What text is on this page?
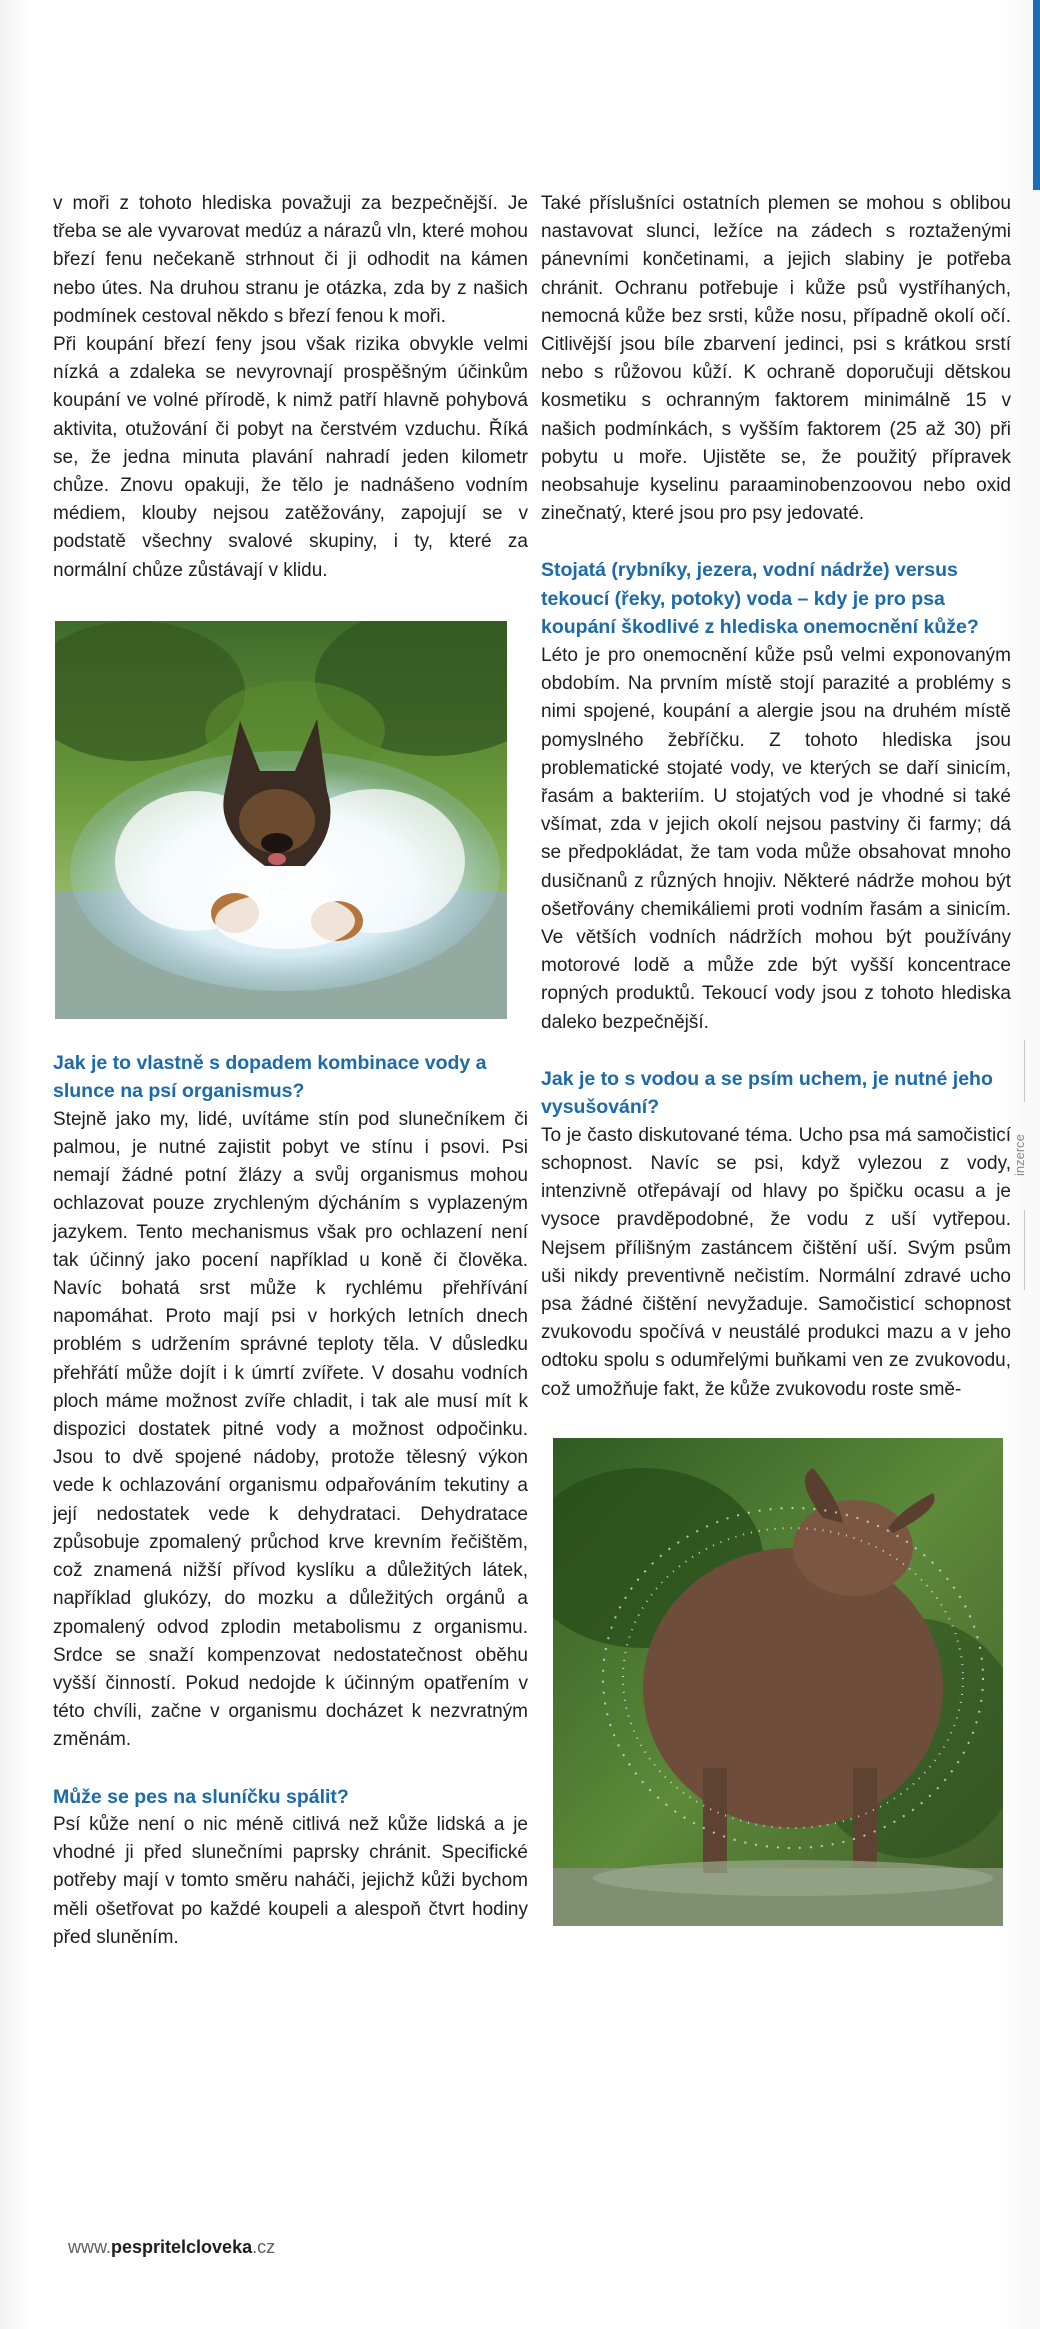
v moři z tohoto hlediska považuji za bezpečnější. Je třeba se ale vyvarovat medúz a nárazů vln, které mohou březí fenu nečekaně strhnout či ji odhodit na kámen nebo útes. Na druhou stranu je otázka, zda by z našich podmínek cestoval někdo s březí fenou k moři.

Při koupání březí feny jsou však rizika obvykle velmi nízká a zdaleka se nevyrovnají prospěšným účinkům koupání ve volné přírodě, k nimž patří hlavně pohybová aktivita, otužování či pobyt na čerstvém vzduchu. Říká se, že jedna minuta plavání nahradí jeden kilometr chůze. Znovu opakuji, že tělo je nadnášeno vodním médiem, klouby nejsou zatěžovány, zapojují se v podstatě všechny svalové skupiny, i ty, které za normální chůze zůstávají v klidu.

Jak je to vlastně s dopadem kombinace vody a slunce na psí organismus?

Stejně jako my, lidé, uvítáme stín pod slunečníkem či palmou, je nutné zajistit pobyt ve stínu i psovi. Psi nemají žádné potní žlázy a svůj organismus mohou ochlazovat pouze zrychleným dýcháním s vyplazeným jazykem. Tento mechanismus však pro ochlazení není tak účinný jako pocení například u koně či člověka. Navíc bohatá srst může k rychlému přehřívání napomáhat. Proto mají psi v horkých letních dnech problém s udržením správné teploty těla. V důsledku přehřátí může dojít i k úmrtí zvířete. V dosahu vodních ploch máme možnost zvíře chladit, i tak ale musí mít k dispozici dostatek pitné vody a možnost odpočinku. Jsou to dvě spojené nádoby, protože tělesný výkon vede k ochlazování organismu odpařováním tekutiny a její nedostatek vede k dehydrataci. Dehydratace způsobuje zpomalený průchod krve krevním řečištěm, což znamená nižší přívod kyslíku a důležitých látek, například glukózy, do mozku a důležitých orgánů a zpomalený odvod zplodin metabolismu z organismu. Srdce se snaží kompenzovat nedostatečnost oběhu vyšší činností. Pokud nedojde k účinným opatřením v této chvíli, začne v organismu docházet k nezvratným změnám.

Může se pes na sluníčku spálit?

Psí kůže není o nic méně citlivá než kůže lidská a je vhodné ji před slunečními paprsky chránit. Specifické potřeby mají v tomto směru naháči, jejichž kůži bychom měli ošetřovat po každé koupeli a alespoň čtvrt hodiny před sluněním.

Také příslušníci ostatních plemen se mohou s oblibou nastavovat slunci, ležíce na zádech s roztaženými pánevními končetinami, a jejich slabiny je potřeba chránit. Ochranu potřebuje i kůže psů vystříhaných, nemocná kůže bez srsti, kůže nosu, případně okolí očí. Citlivější jsou bíle zbarvení jedinci, psi s krátkou srstí nebo s růžovou kůží. K ochraně doporučuji dětskou kosmetiku s ochranným faktorem minimálně 15 v našich podmínkách, s vyšším faktorem (25 až 30) při pobytu u moře. Ujistěte se, že použitý přípravek neobsahuje kyselinu paraaminobenzoovou nebo oxid zinečnatý, které jsou pro psy jedovaté.

Stojatá (rybníky, jezera, vodní nádrže) versus tekoucí (řeky, potoky) voda – kdy je pro psa koupání škodlivé z hlediska onemocnění kůže?

Léto je pro onemocnění kůže psů velmi exponovaným obdobím. Na prvním místě stojí parazité a problémy s nimi spojené, koupání a alergie jsou na druhém místě pomyslného žebříčku. Z tohoto hlediska jsou problematické stojaté vody, ve kterých se daří sinicím, řasám a bakteriím. U stojatých vod je vhodné si také všímat, zda v jejich okolí nejsou pastviny či farmy; dá se předpokládat, že tam voda může obsahovat mnoho dusičnanů z různých hnojiv. Některé nádrže mohou být ošetřovány chemikáliemi proti vodním řasám a sinicím. Ve větších vodních nádržích mohou být používány motorové lodě a může zde být vyšší koncentrace ropných produktů. Tekoucí vody jsou z tohoto hlediska daleko bezpečnější.

Jak je to s vodou a se psím uchem, je nutné jeho vysušování?

To je často diskutované téma. Ucho psa má samočisticí schopnost. Navíc se psi, když vylezou z vody, intenzivně otřepávají od hlavy po špičku ocasu a je vysoce pravděpodobné, že vodu z uší vytřepou. Nejsem přílišným zastáncem čištění uší. Svým psům uši nikdy preventivně nečistím. Normální zdravé ucho psa žádné čištění nevyžaduje. Samočisticí schopnost zvukovodu spočívá v neustálé produkci mazu a v jeho odtoku spolu s odumřelými buňkami ven ze zvukovodu, což umožňuje fakt, že kůže zvukovodu roste smě-

inzerce
www.pespritelcloveka.cz
